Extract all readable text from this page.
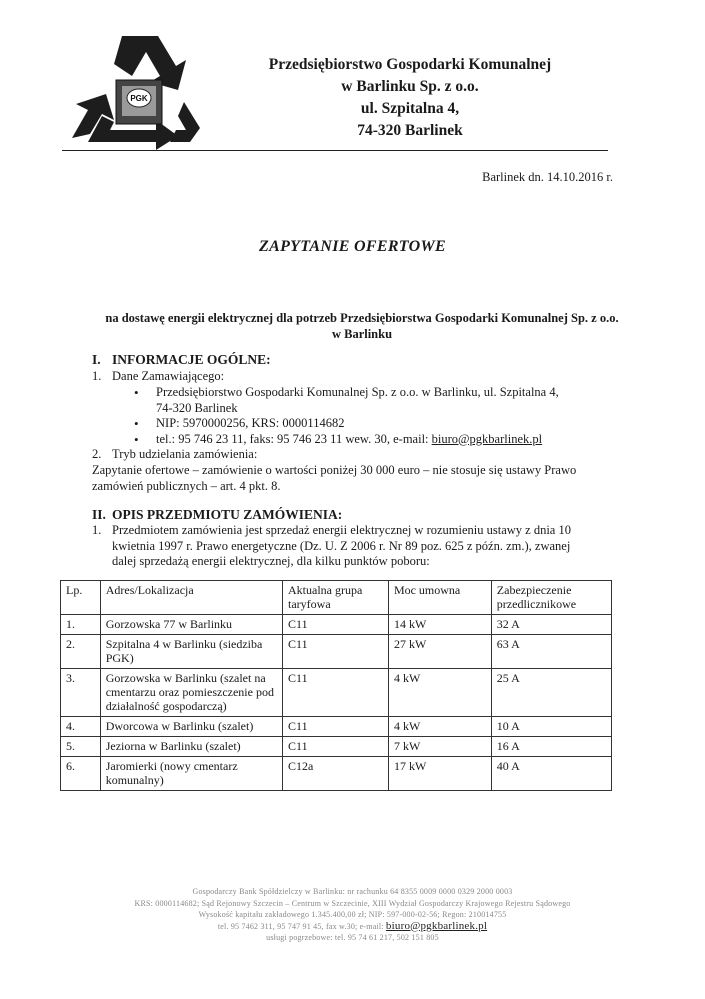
PGK
Przedsiębiorstwo Gospodarki Komunalnej
w Barlinku Sp. z o.o.
ul. Szpitalna 4,
74-320 Barlinek
Barlinek dn. 14.10.2016 r.
ZAPYTANIE OFERTOWE
na dostawę energii elektrycznej dla potrzeb Przedsiębiorstwa Gospodarki Komunalnej Sp. z o.o.
w Barlinku
I. INFORMACJE OGÓLNE:
1. Dane Zamawiającego:
• Przedsiębiorstwo Gospodarki Komunalnej Sp. z o.o. w Barlinku, ul. Szpitalna 4,
74-320 Barlinek
• NIP: 5970000256, KRS: 0000114682
• tel.: 95 746 23 11, faks: 95 746 23 11 wew. 30, e-mail: biuro@pgkbarlinek.pl
2. Tryb udzielania zamówienia:
Zapytanie ofertowe – zamówienie o wartości poniżej 30 000 euro – nie stosuje się ustawy Prawo
zamówień publicznych – art. 4 pkt. 8.
II. OPIS PRZEDMIOTU ZAMÓWIENIA:
1. Przedmiotem zamówienia jest sprzedaż energii elektrycznej w rozumieniu ustawy z dnia 10
kwietnia 1997 r. Prawo energetyczne (Dz. U. Z 2006 r. Nr 89 poz. 625 z późn. zm.), zwanej
dalej sprzedażą energii elektrycznej, dla kilku punktów poboru:
Lp.	Adres/Lokalizacja	Aktualna grupa taryfowa	Moc umowna	Zabezpieczenie przedlicznikowe
1.	Gorzowska 77 w Barlinku	C11	14 kW	32 A
2.	Szpitalna 4 w Barlinku (siedziba PGK)	C11	27 kW	63 A
3.	Gorzowska w Barlinku (szalet na cmentarzu oraz pomieszczenie pod działalność gospodarczą)	C11	4 kW	25 A
4.	Dworcowa w Barlinku (szalet)	C11	4 kW	10 A
5.	Jeziorna w Barlinku (szalet)	C11	7 kW	16 A
6.	Jaromierki (nowy cmentarz komunalny)	C12a	17 kW	40 A
Gospodarczy Bank Spółdzielczy w Barlinku: nr rachunku 64 8355 0009 0000 0329 2000 0003
KRS: 0000114682; Sąd Rejonowy Szczecin – Centrum w Szczecinie, XIII Wydział Gospodarczy Krajowego Rejestru Sądowego
Wysokość kapitału zakładowego 1.345.400,00 zł; NIP: 597-000-02-56; Regon: 210014755
tel. 95 7462 311, 95 747 91 45, fax w.30; e-mail: biuro@pgkbarlinek.pl
usługi pogrzebowe: tel. 95 74 61 217, 502 151 805
